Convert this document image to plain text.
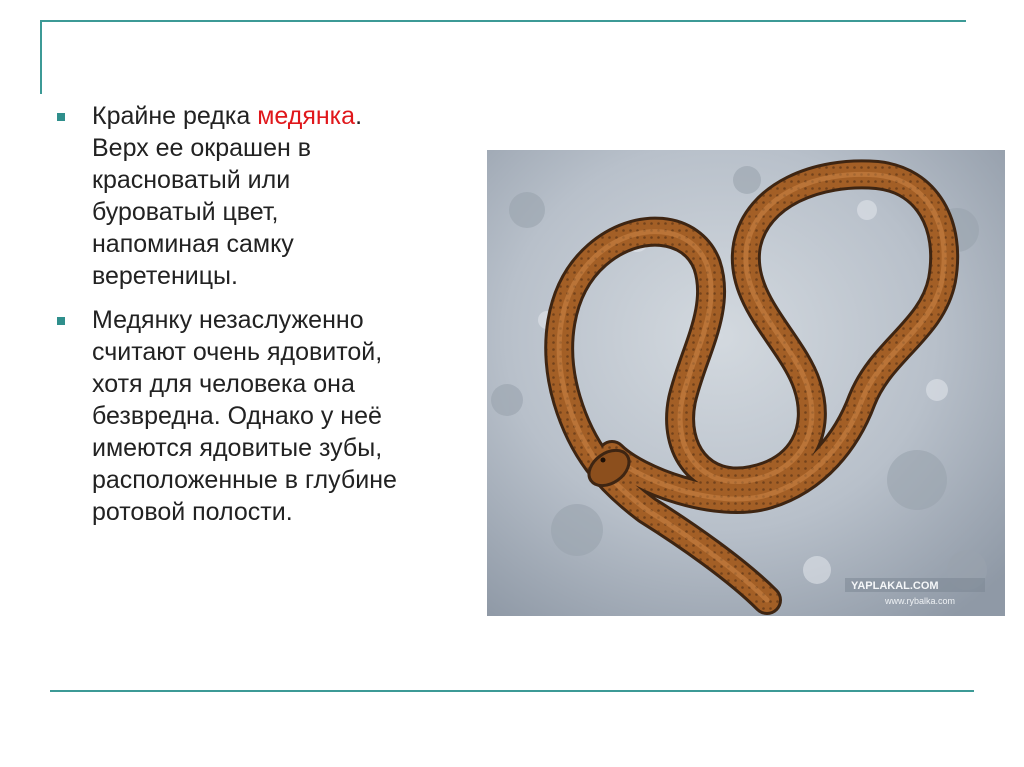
Крайне редка медянка.
Верх ее окрашен в
красноватый или
буроватый цвет,
напоминая самку
веретеницы.
Медянку незаслуженно
считают очень ядовитой,
хотя для человека она
безвредна. Однако у неё
имеются ядовитые зубы,
расположенные в глубине
ротовой полости.
YAPLAKAL.COM
www.rybalka.com
